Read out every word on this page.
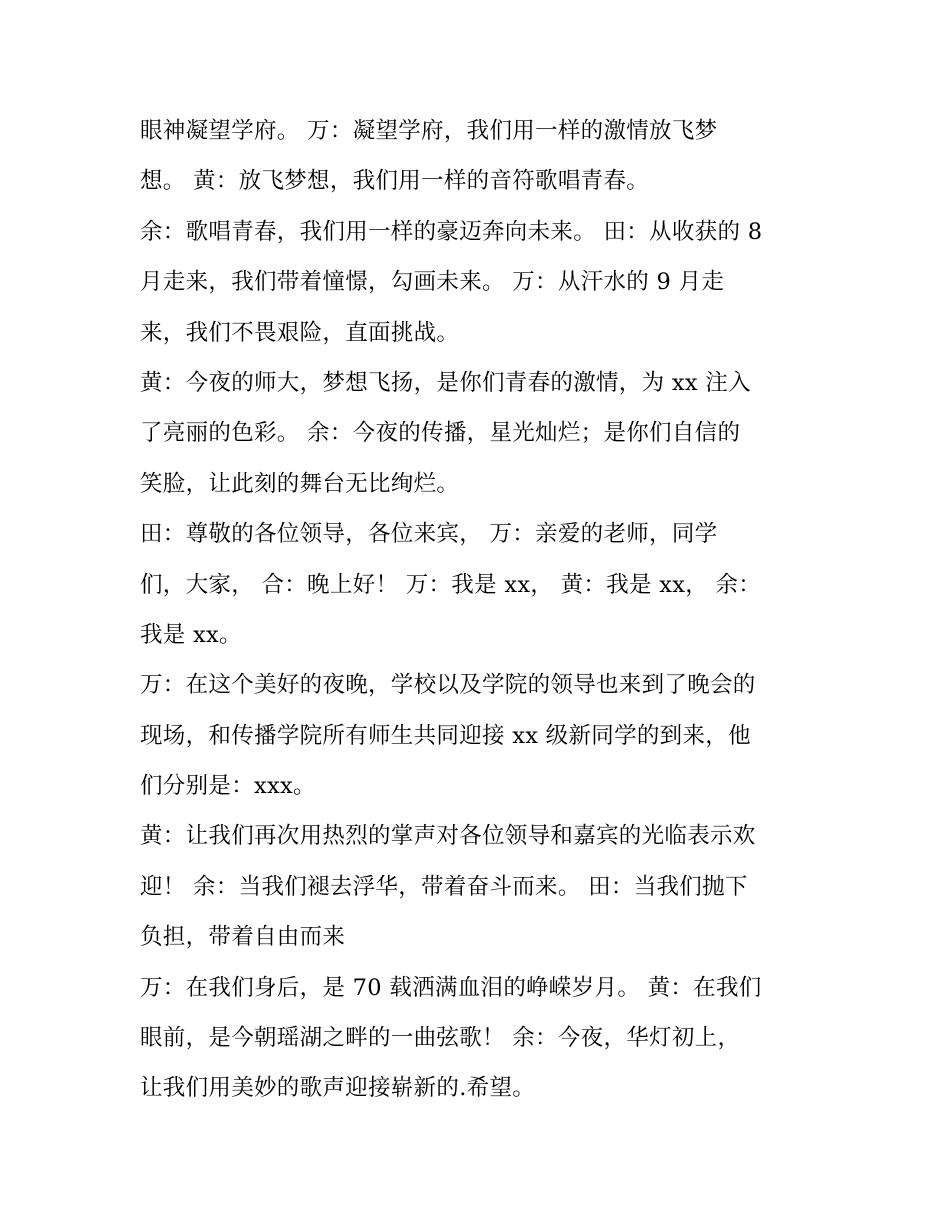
眼神凝望学府。 万：凝望学府，我们用一样的激情放飞梦
想。 黄：放飞梦想，我们用一样的音符歌唱青春。
余：歌唱青春，我们用一样的豪迈奔向未来。 田：从收获的 8
月走来，我们带着憧憬，勾画未来。 万：从汗水的 9 月走
来，我们不畏艰险，直面挑战。
黄：今夜的师大，梦想飞扬，是你们青春的激情，为 xx 注入
了亮丽的色彩。 余：今夜的传播，星光灿烂；是你们自信的
笑脸，让此刻的舞台无比绚烂。
田：尊敬的各位领导，各位来宾， 万：亲爱的老师，同学
们，大家， 合：晚上好！ 万：我是 xx， 黄：我是 xx， 余：
我是 xx。
万：在这个美好的夜晚，学校以及学院的领导也来到了晚会的
现场，和传播学院所有师生共同迎接 xx 级新同学的到来，他
们分别是：xxx。
黄：让我们再次用热烈的掌声对各位领导和嘉宾的光临表示欢
迎！ 余：当我们褪去浮华，带着奋斗而来。 田：当我们抛下
负担，带着自由而来
万：在我们身后，是 70 载洒满血泪的峥嵘岁月。 黄：在我们
眼前，是今朝瑶湖之畔的一曲弦歌！ 余：今夜，华灯初上，
让我们用美妙的歌声迎接崭新的.希望。
